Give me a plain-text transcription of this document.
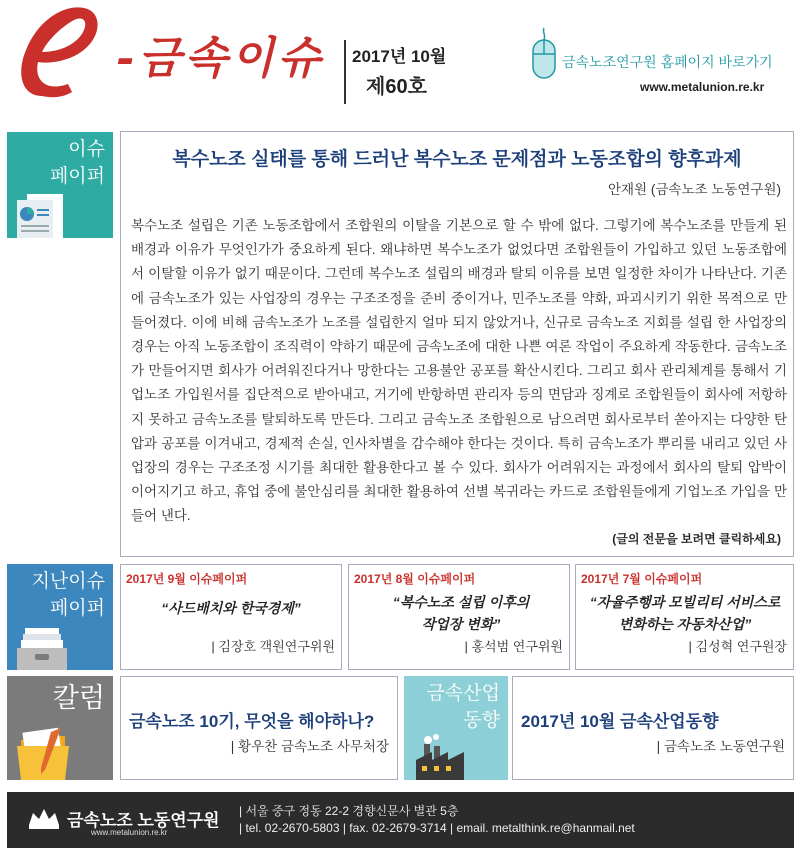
-금속이슈 2017년 10월
제60호
금속노조연구원 홈페이지 바로가기
www.metalunion.re.kr
이슈
페이퍼
복수노조 실태를 통해 드러난 복수노조 문제점과 노동조합의 향후과제
안재원 (금속노조 노동연구원)
복수노조 설립은 기존 노동조합에서 조합원의 이탈을 기본으로 할 수 밖에 없다. 그렇기에 복수노조를 만들게 된 배경과 이유가 무엇인가가 중요하게 된다. 왜냐하면 복수노조가 없었다면 조합원들이 가입하고 있던 노동조합에서 이탈할 이유가 없기 때문이다. 그런데 복수노조 설립의 배경과 탈퇴 이유를 보면 일정한 차이가 나타난다. 기존에 금속노조가 있는 사업장의 경우는 구조조정을 준비 중이거나, 민주노조를 약화, 파괴시키기 위한 목적으로 만들어졌다. 이에 비해 금속노조가 노조를 설립한지 얼마 되지 않았거나, 신규로 금속노조 지회를 설립 한 사업장의 경우는 아직 노동조합이 조직력이 약하기 때문에 금속노조에 대한 나쁜 여론 작업이 주요하게 작동한다. 금속노조가 만들어지면 회사가 어려워진다거나 망한다는 고용불안 공포를 확산시킨다. 그리고 회사 관리체계를 통해서 기업노조 가입원서를 집단적으로 받아내고, 거기에 반항하면 관리자 등의 면담과 징계로 조합원들이 회사에 저항하지 못하고 금속노조를 탈퇴하도록 만든다. 그리고 금속노조 조합원으로 남으려면 회사로부터 쏟아지는 다양한 탄압과 공포를 이겨내고, 경제적 손실, 인사차별을 감수해야 한다는 것이다. 특히 금속노조가 뿌리를 내리고 있던 사업장의 경우는 구조조정 시기를 최대한 활용한다고 볼 수 있다. 회사가 어려워지는 과정에서 회사의 탈퇴 압박이 이어지기고 하고, 휴업 중에 불안심리를 최대한 활용하여 선별 복귀라는 카드로 조합원들에게 기업노조 가입을 만들어 낸다.
(글의 전문을 보려면 클릭하세요)
지난이슈
페이퍼
2017년 9월 이슈페이퍼
“사드배치와 한국경제”
| 김장호 객원연구위원
2017년 8월 이슈페이퍼
“복수노조 설립 이후의 작업장 변화”
| 홍석범 연구위원
2017년 7월 이슈페이퍼
“자율주행과 모빌리티 서비스로 변화하는 자동차산업”
| 김성혁 연구원장
칼럼
금속노조 10기, 무엇을 해야하나?
| 황우찬 금속노조 사무처장
금속산업
동향 2017년 10월 금속산업동향
| 금속노조 노동연구원
금속노조 노동연구원
www.metalunion.re.kr
| 서울 중구 정동 22-2 경향신문사 별관 5층
| tel. 02-2670-5803 | fax. 02-2679-3714 | email. metalthink.re@hanmail.net
